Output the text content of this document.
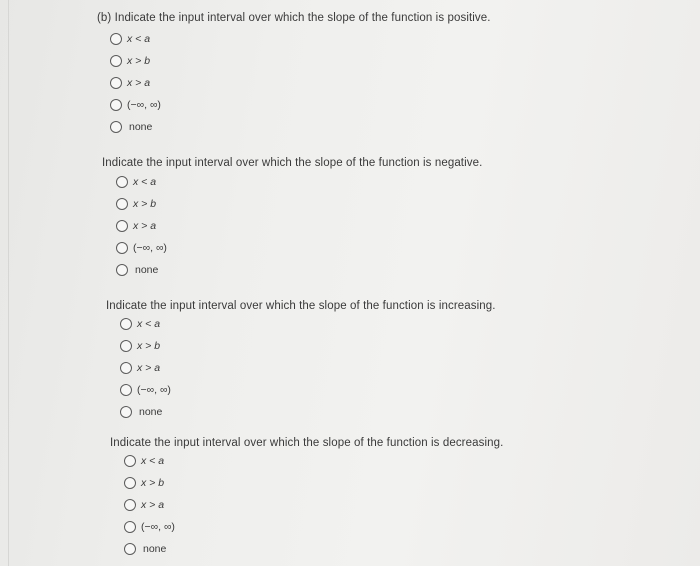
(b) Indicate the input interval over which the slope of the function is positive.
x < a
x > b
x > a
(−∞, ∞)
none
Indicate the input interval over which the slope of the function is negative.
x < a
x > b
x > a
(−∞, ∞)
none
Indicate the input interval over which the slope of the function is increasing.
x < a
x > b
x > a
(−∞, ∞)
none
Indicate the input interval over which the slope of the function is decreasing.
x < a
x > b
x > a
(−∞, ∞)
none
